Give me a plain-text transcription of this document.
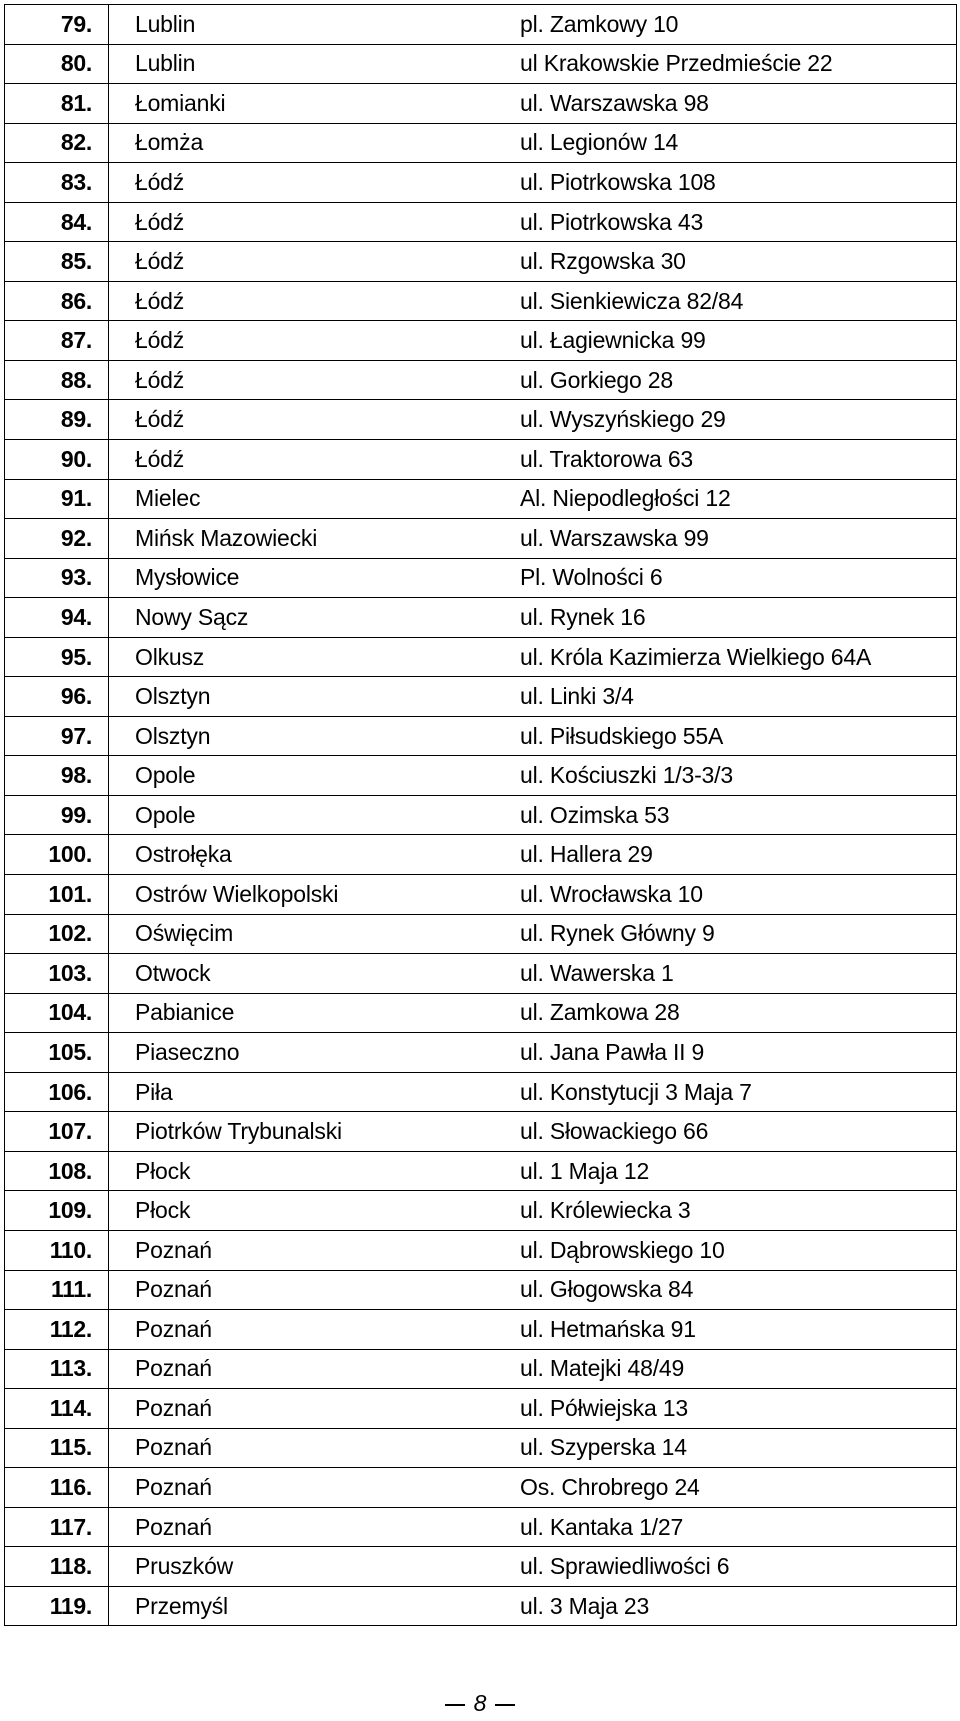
79.	Lublin	pl. Zamkowy 10
80.	Lublin	ul Krakowskie Przedmieście 22
81.	Łomianki	ul. Warszawska 98
82.	Łomża	ul. Legionów 14
83.	Łódź	ul. Piotrkowska 108
84.	Łódź	ul. Piotrkowska 43
85.	Łódź	ul. Rzgowska 30
86.	Łódź	ul. Sienkiewicza 82/84
87.	Łódź	ul. Łagiewnicka 99
88.	Łódź	ul. Gorkiego 28
89.	Łódź	ul. Wyszyńskiego 29
90.	Łódź	ul. Traktorowa 63
91.	Mielec	Al. Niepodległości 12
92.	Mińsk Mazowiecki	ul. Warszawska 99
93.	Mysłowice	Pl. Wolności 6
94.	Nowy Sącz	ul. Rynek 16
95.	Olkusz	ul. Króla Kazimierza Wielkiego 64A
96.	Olsztyn	ul. Linki 3/4
97.	Olsztyn	ul. Piłsudskiego 55A
98.	Opole	ul. Kościuszki 1/3-3/3
99.	Opole	ul. Ozimska 53
100.	Ostrołęka	ul. Hallera 29
101.	Ostrów Wielkopolski	ul. Wrocławska 10
102.	Oświęcim	ul. Rynek Główny 9
103.	Otwock	ul. Wawerska 1
104.	Pabianice	ul. Zamkowa 28
105.	Piaseczno	ul. Jana Pawła II 9
106.	Piła	ul. Konstytucji 3 Maja 7
107.	Piotrków Trybunalski	ul. Słowackiego 66
108.	Płock	ul. 1 Maja 12
109.	Płock	ul. Królewiecka 3
110.	Poznań	ul. Dąbrowskiego 10
111.	Poznań	ul. Głogowska 84
112.	Poznań	ul. Hetmańska 91
113.	Poznań	ul. Matejki 48/49
114.	Poznań	ul. Półwiejska 13
115.	Poznań	ul. Szyperska 14
116.	Poznań	Os. Chrobrego 24
117.	Poznań	ul. Kantaka 1/27
118.	Pruszków	ul. Sprawiedliwości 6
119.	Przemyśl	ul. 3 Maja 23
8
